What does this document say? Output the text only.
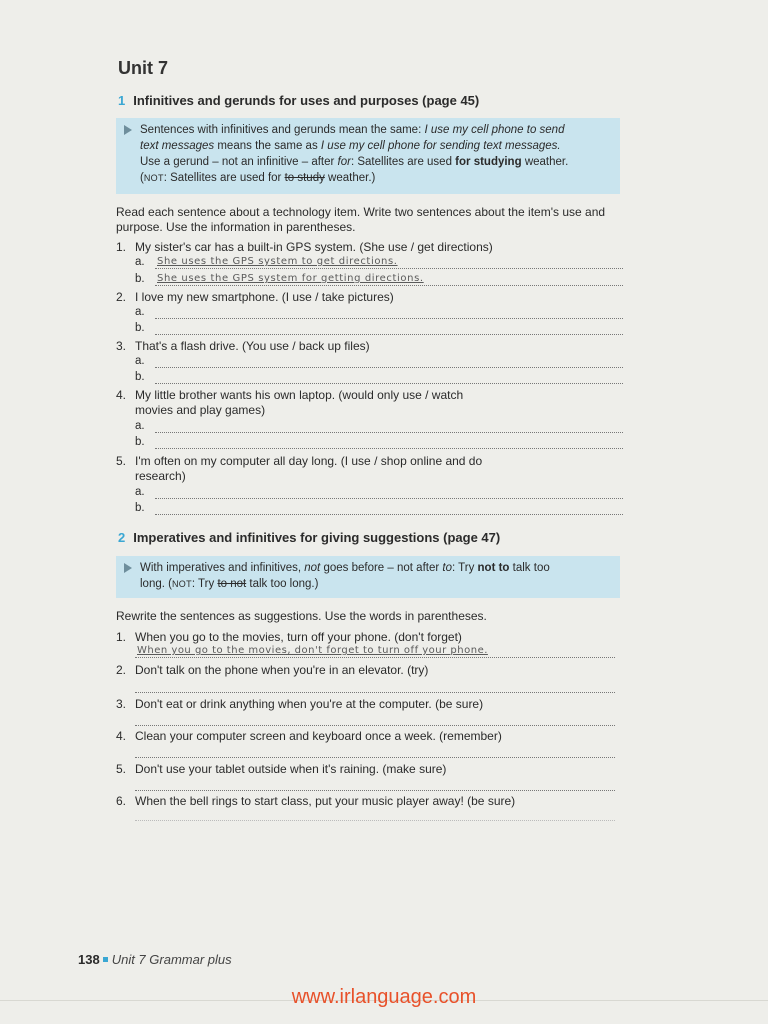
Unit 7
1 Infinitives and gerunds for uses and purposes (page 45)
Sentences with infinitives and gerunds mean the same: I use my cell phone to send
text messages means the same as I use my cell phone for sending text messages.
Use a gerund – not an infinitive – after for: Satellites are used for studying weather.
(NOT: Satellites are used for to study weather.)
Read each sentence about a technology item. Write two sentences about the item's use and purpose. Use the information in parentheses.
1. My sister's car has a built-in GPS system. (She use / get directions)
a. She uses the GPS system to get directions.
b. She uses the GPS system for getting directions.
2. I love my new smartphone. (I use / take pictures)
a.
b.
3. That's a flash drive. (You use / back up files)
a.
b.
4. My little brother wants his own laptop. (would only use / watch movies and play games)
a.
b.
5. I'm often on my computer all day long. (I use / shop online and do research)
a.
b.
2 Imperatives and infinitives for giving suggestions (page 47)
With imperatives and infinitives, not goes before – not after to: Try not to talk too
long. (NOT: Try to not talk too long.)
Rewrite the sentences as suggestions. Use the words in parentheses.
1. When you go to the movies, turn off your phone. (don't forget)
When you go to the movies, don't forget to turn off your phone.
2. Don't talk on the phone when you're in an elevator. (try)
3. Don't eat or drink anything when you're at the computer. (be sure)
4. Clean your computer screen and keyboard once a week. (remember)
5. Don't use your tablet outside when it's raining. (make sure)
6. When the bell rings to start class, put your music player away! (be sure)
138 Unit 7 Grammar plus
www.irlanguage.com
